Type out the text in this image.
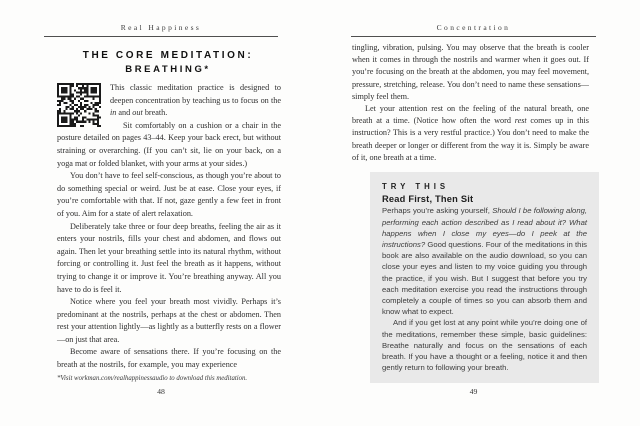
Real Happiness	Concentration
THE CORE MEDITATION:
BREATHING*

This classic meditation practice is designed to deepen concentration by teaching us to focus on the in and out breath.

Sit comfortably on a cushion or a chair in the posture detailed on pages 43–44. Keep your back erect, but without straining or overarching. (If you can’t sit, lie on your back, on a yoga mat or folded blanket, with your arms at your sides.)

You don’t have to feel self-conscious, as though you’re about to do something special or weird. Just be at ease. Close your eyes, if you’re comfortable with that. If not, gaze gently a few feet in front of you. Aim for a state of alert relaxation.

Deliberately take three or four deep breaths, feeling the air as it enters your nostrils, fills your chest and abdomen, and flows out again. Then let your breathing settle into its natural rhythm, without forcing or controlling it. Just feel the breath as it happens, without trying to change it or improve it. You’re breathing anyway. All you have to do is feel it.

Notice where you feel your breath most vividly. Perhaps it’s predominant at the nostrils, perhaps at the chest or abdomen. Then rest your attention lightly—as lightly as a butterfly rests on a flower—on just that area.

Become aware of sensations there. If you’re focusing on the breath at the nostrils, for example, you may experience

*Visit workman.com/realhappinessaudio to download this meditation.
48

tingling, vibration, pulsing. You may observe that the breath is cooler when it comes in through the nostrils and warmer when it goes out. If you’re focusing on the breath at the abdomen, you may feel movement, pressure, stretching, release. You don’t need to name these sensations—simply feel them.

Let your attention rest on the feeling of the natural breath, one breath at a time. (Notice how often the word rest comes up in this instruction? This is a very restful practice.) You don’t need to make the breath deeper or longer or different from the way it is. Simply be aware of it, one breath at a time.

TRY THIS

Read First, Then Sit

Perhaps you’re asking yourself, Should I be following along, performing each action described as I read about it? What happens when I close my eyes—do I peek at the instructions? Good questions. Four of the meditations in this book are also available on the audio download, so you can close your eyes and listen to my voice guiding you through the practice, if you wish. But I suggest that before you try each meditation exercise you read the instructions through completely a couple of times so you can absorb them and know what to expect.

And if you get lost at any point while you’re doing one of the meditations, remember these simple, basic guidelines: Breathe naturally and focus on the sensations of each breath. If you have a thought or a feeling, notice it and then gently return to following your breath.

49
